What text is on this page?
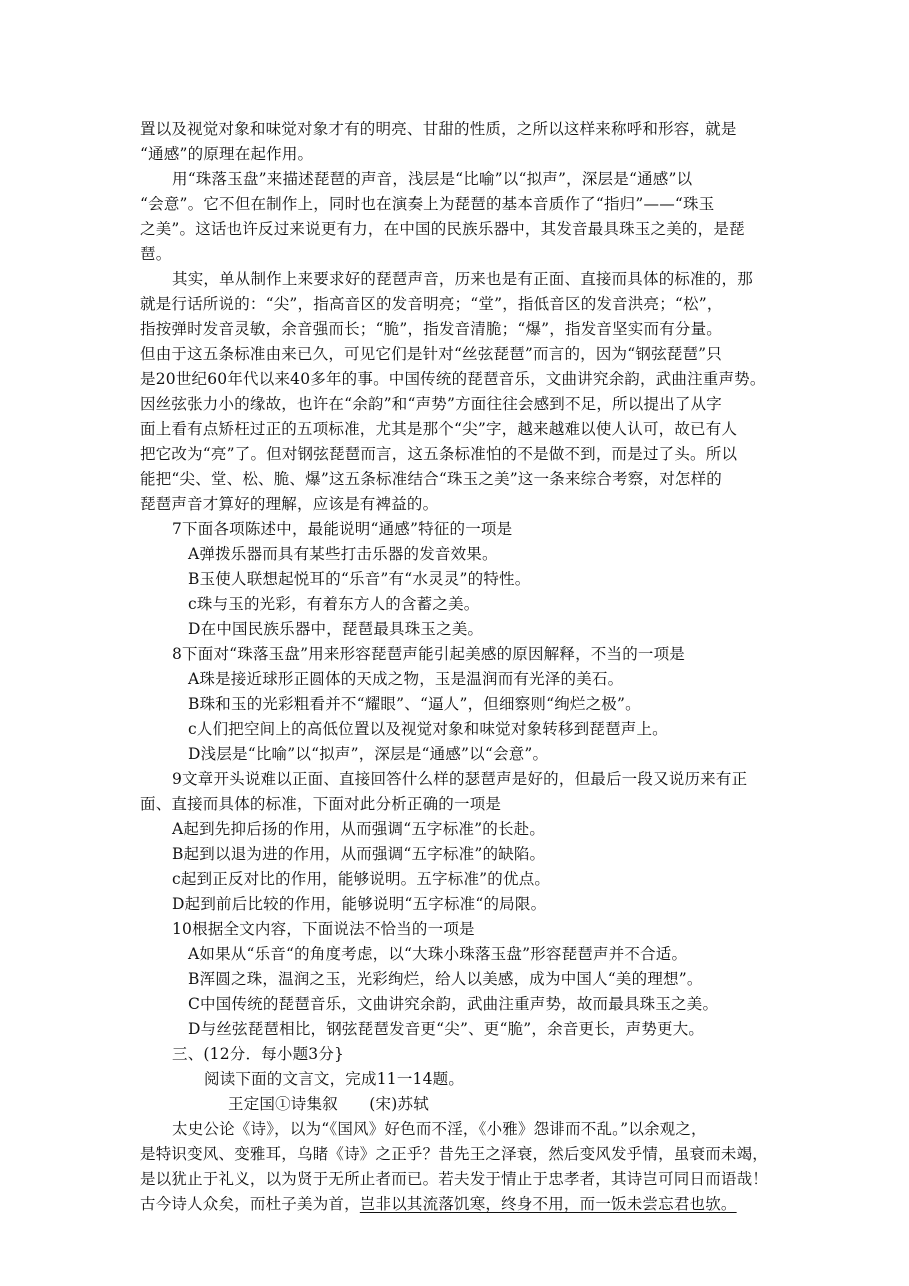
置以及视觉对象和味觉对象才有的明亮、甘甜的性质，之所以这样来称呼和形容，就是
“通感”的原理在起作用。
用“珠落玉盘”来描述琵琶的声音，浅层是“比喻”以“拟声”，深层是“通感”以
“会意”。它不但在制作上，同时也在演奏上为琵琶的基本音质作了“指归”——“珠玉
之美”。这话也许反过来说更有力，在中国的民族乐器中，其发音最具珠玉之美的，是琵
琶。
其实，单从制作上来要求好的琵琶声音，历来也是有正面、直接而具体的标准的，那
就是行话所说的：“尖”，指高音区的发音明亮；“堂”，指低音区的发音洪亮；“松”，
指按弹时发音灵敏，余音强而长；“脆”，指发音清脆；“爆”，指发音坚实而有分量。
但由于这五条标准由来已久，可见它们是针对“丝弦琵琶”而言的，因为“钢弦琵琶”只
是20世纪60年代以来40多年的事。中国传统的琵琶音乐，文曲讲究余韵，武曲注重声势。
因丝弦张力小的缘故，也许在“余韵”和“声势”方面往往会感到不足，所以提出了从字
面上看有点矫枉过正的五项标准，尤其是那个“尖”字，越来越难以使人认可，故已有人
把它改为“亮”了。但对钢弦琵琶而言，这五条标准怕的不是做不到，而是过了头。所以
能把“尖、堂、松、脆、爆”这五条标准结合“珠玉之美”这一条来综合考察，对怎样的
琵琶声音才算好的理解，应该是有裨益的。
7下面各项陈述中，最能说明“通感”特征的一项是
A弹拨乐器而具有某些打击乐器的发音效果。
B玉使人联想起悦耳的“乐音”有“水灵灵”的特性。
c珠与玉的光彩，有着东方人的含蓄之美。
D在中国民族乐器中，琵琶最具珠玉之美。
8下面对“珠落玉盘”用来形容琵琶声能引起美感的原因解释，不当的一项是
A珠是接近球形正圆体的天成之物，玉是温润而有光泽的美石。
B珠和玉的光彩粗看并不“耀眼”、“逼人”，但细察则“绚烂之极”。
c人们把空间上的高低位置以及视觉对象和味觉对象转移到琵琶声上。
D浅层是“比喻”以“拟声”，深层是“通感”以“会意”。
9文章开头说难以正面、直接回答什么样的瑟琶声是好的，但最后一段又说历来有正
面、直接而具体的标准，下面对此分析正确的一项是
A起到先抑后扬的作用，从而强调“五字标准”的长赴。
B起到以退为进的作用，从而强调“五字标准”的缺陷。
c起到正反对比的作用，能够说明。五字标准”的优点。
D起到前后比较的作用，能够说明“五字标准“的局限。
10根据全文内容，下面说法不恰当的一项是
A如果从“乐音“的角度考虑，以“大珠小珠落玉盘”形容琵琶声并不合适。
B浑圆之珠，温润之玉，光彩绚烂，给人以美感，成为中国人“美的理想”。
C中国传统的琵琶音乐，文曲讲究余韵，武曲注重声势，故而最具珠玉之美。
D与丝弦琵琶相比，钢弦琵琶发音更“尖”、更“脆”，余音更长，声势更大。
三、(12分．每小题3分}
阅读下面的文言文，完成11一14题。
王定国①诗集叙　　(宋)苏轼
太史公论《诗》，以为“《国风》好色而不淫，《小雅》怨诽而不乱。”以余观之，
是特识变风、变雅耳，乌睹《诗》之正乎？昔先王之泽衰，然后变风发乎情，虽衰而未竭，
是以犹止于礼义，以为贤于无所止者而已。若夫发于情止于忠孝者，其诗岂可同日而语哉！
古今诗人众矣，而杜子美为首，岂非以其流落饥寒，终身不用，而一饭未尝忘君也欤。
